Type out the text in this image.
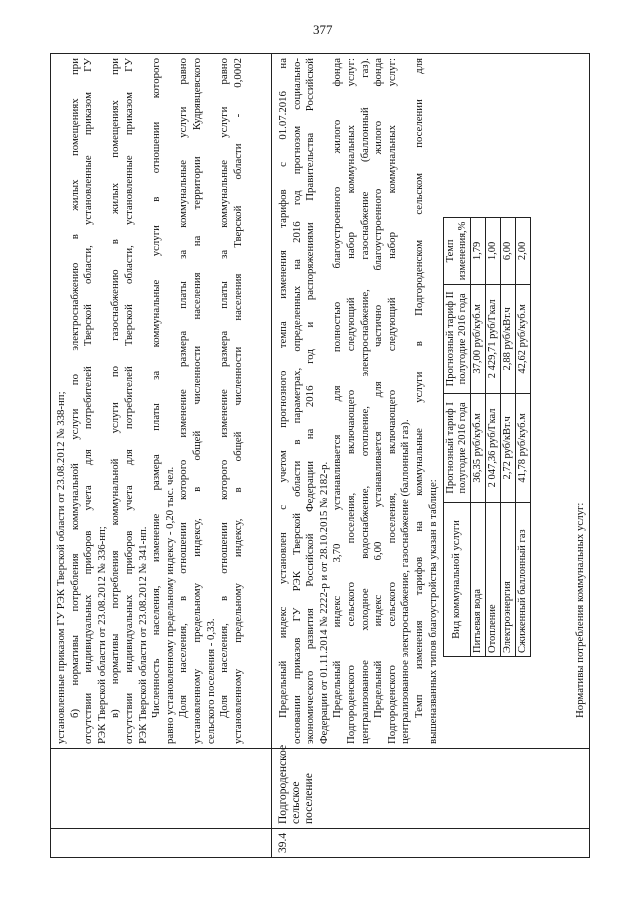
377
39.4
Подгороденское сельское поселение
установленные приказом ГУ РЭК Тверской области от 23.08.2012 № 338-нп; б) нормативы потребления коммунальной услуги по электроснабжению в жилых помещениях при отсутствии индивидуальных приборов учета для потребителей Тверской области, установленные приказом ГУ РЭК Тверской области от 23.08.2012 № 336-нп; в) нормативы потребления коммунальной услуги по газоснабжению в жилых помещениях при отсутствии индивидуальных приборов учета для потребителей Тверской области, установленные приказом ГУ РЭК Тверской области от 23.08.2012 № 341-нп. Численность населения, изменение размера платы за коммунальные услуги в отношении которого равно установленному предельному индексу - 0,20 тыс. чел. Доля населения, в отношении которого изменение размера платы за коммунальные услуги равно установленному предельному индексу, в общей численности населения на территории Кудрявцевского сельского поселения - 0,33. Доля населения, в отношении которого изменение размера платы за коммунальные услуги равно установленному предельному индексу, в общей численности населения Тверской области - 0,0002	Предельный индекс установлен с учетом прогнозного темпа изменения тарифов с 01.07.2016 на основании приказов ГУ РЭК Тверской области в параметрах, определенных на 2016 год прогнозом социально- экономического развития Российской Федерации на 2016 год и распоряжениями Правительства Российской Федерации от 01.11.2014 № 2222-р и от 28.10.2015 № 2182-р. Предельный индекс 3,70 устанавливается для полностью благоустроенного жилого фонда Подгороденского сельского поселения, включающего следующий набор коммунальных услуг: централизованное холодное водоснабжение, отопление, электроснабжение, газоснабжение (баллонный газ). Предельный индекс 6,00 устанавливается для частично благоустроенного жилого фонда Подгороденского сельского поселения, включающего следующий набор коммунальных услуг: централизованное электроснабжение, газоснабжение (баллонный газ). Темп изменения тарифов на коммунальные услуги в Подгороденском сельском поселении для вышеназванных типов благоустройства указан в таблице: Вид коммунальной услуги	Прогнозный тариф I полугодие 2016 года	Прогнозный тариф II полугодие 2016 года	Темп изменения,%
Питьевая вода	36,35 руб/куб.м	37,00 руб/куб.м	1,79
Отопление	2 047,36 руб/Гкал	2 429,71 руб/Гкал	1,00
Электроэнергия	2,72 руб/кВт.ч	2,88 руб/кВт.ч	6,00
Сжиженный баллонный газ	41,78 руб/куб.м	42,62 руб/куб.м	2,00
Нормативы потребления коммунальных услуг:
